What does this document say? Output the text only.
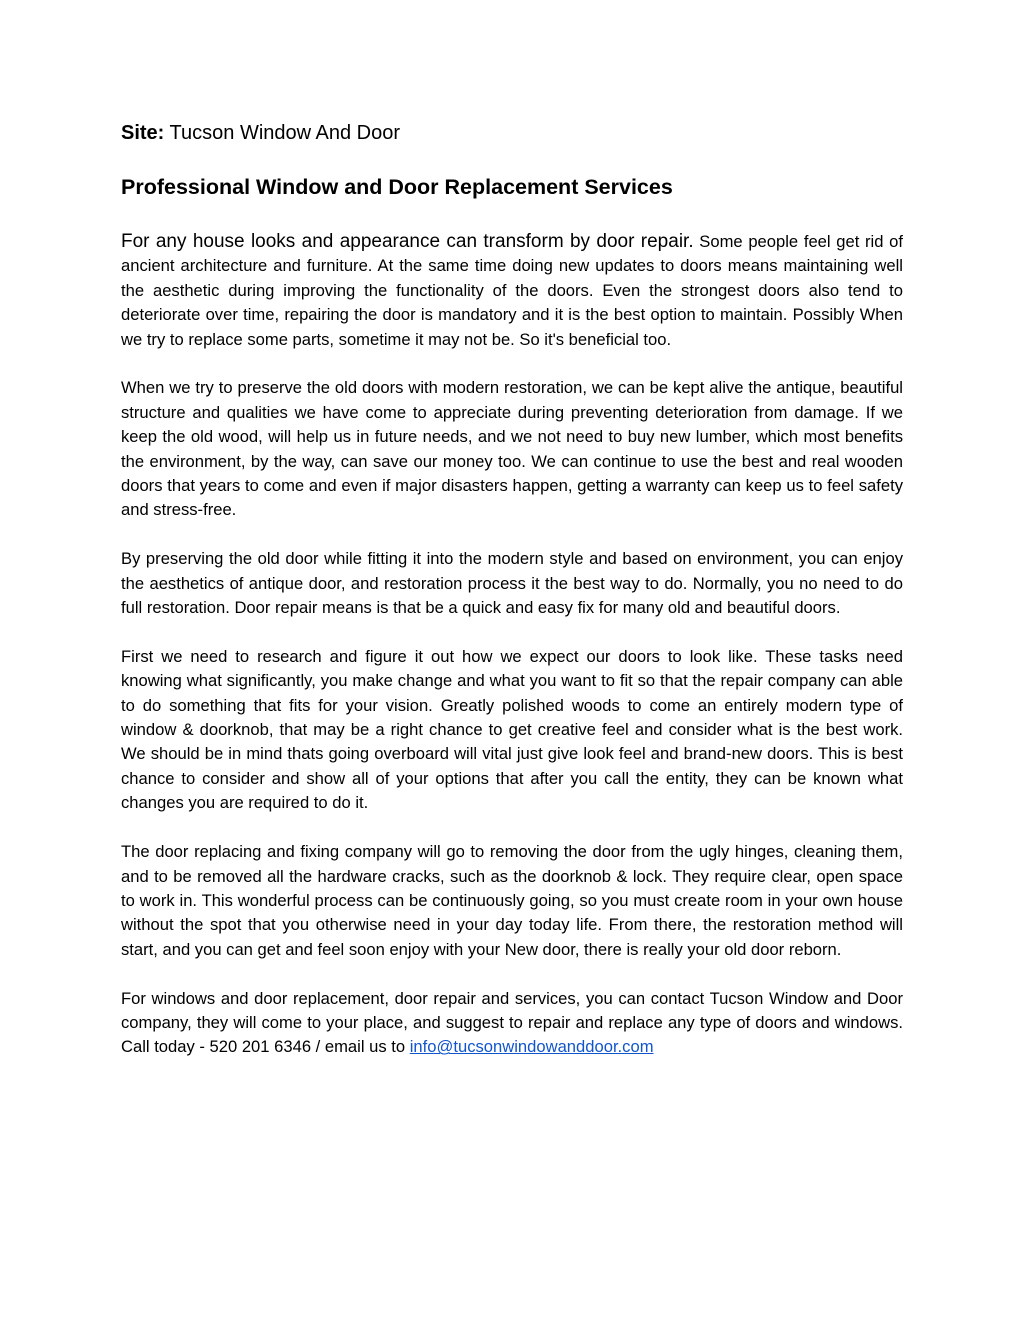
Site: Tucson Window And Door

Professional Window and Door Replacement Services

For any house looks and appearance can transform by door repair. Some people feel get rid of ancient architecture and furniture. At the same time doing new updates to doors means maintaining well the aesthetic during improving the functionality of the doors. Even the strongest doors also tend to deteriorate over time, repairing the door is mandatory and it is the best option to maintain. Possibly When we try to replace some parts, sometime it may not be. So it's beneficial too.

When we try to preserve the old doors with modern restoration, we can be kept alive the antique, beautiful structure and qualities we have come to appreciate during preventing deterioration from damage. If we keep the old wood, will help us in future needs, and we not need to buy new lumber, which most benefits the environment, by the way, can save our money too. We can continue to use the best and real wooden doors that years to come and even if major disasters happen, getting a warranty can keep us to feel safety and stress-free.

By preserving the old door while fitting it into the modern style and based on environment, you can enjoy the aesthetics of antique door, and restoration process it the best way to do. Normally, you no need to do full restoration. Door repair means is that be a quick and easy fix for many old and beautiful doors.

First we need to research and figure it out how we expect our doors to look like. These tasks need knowing what significantly, you make change and what you want to fit so that the repair company can able to do something that fits for your vision. Greatly polished woods to come an entirely modern type of window & doorknob, that may be a right chance to get creative feel and consider what is the best work. We should be in mind thats going overboard will vital just give look feel and brand-new doors. This is best chance to consider and show all of your options that after you call the entity, they can be known what changes you are required to do it.

The door replacing and fixing company will go to removing the door from the ugly hinges, cleaning them, and to be removed all the hardware cracks, such as the doorknob & lock. They require clear, open space to work in. This wonderful process can be continuously going, so you must create room in your own house without the spot that you otherwise need in your day today life. From there, the restoration method will start, and you can get and feel soon enjoy with your New door, there is really your old door reborn.

For windows and door replacement, door repair and services, you can contact Tucson Window and Door company, they will come to your place, and suggest to repair and replace any type of doors and windows. Call today - 520 201 6346 / email us to info@tucsonwindowanddoor.com
